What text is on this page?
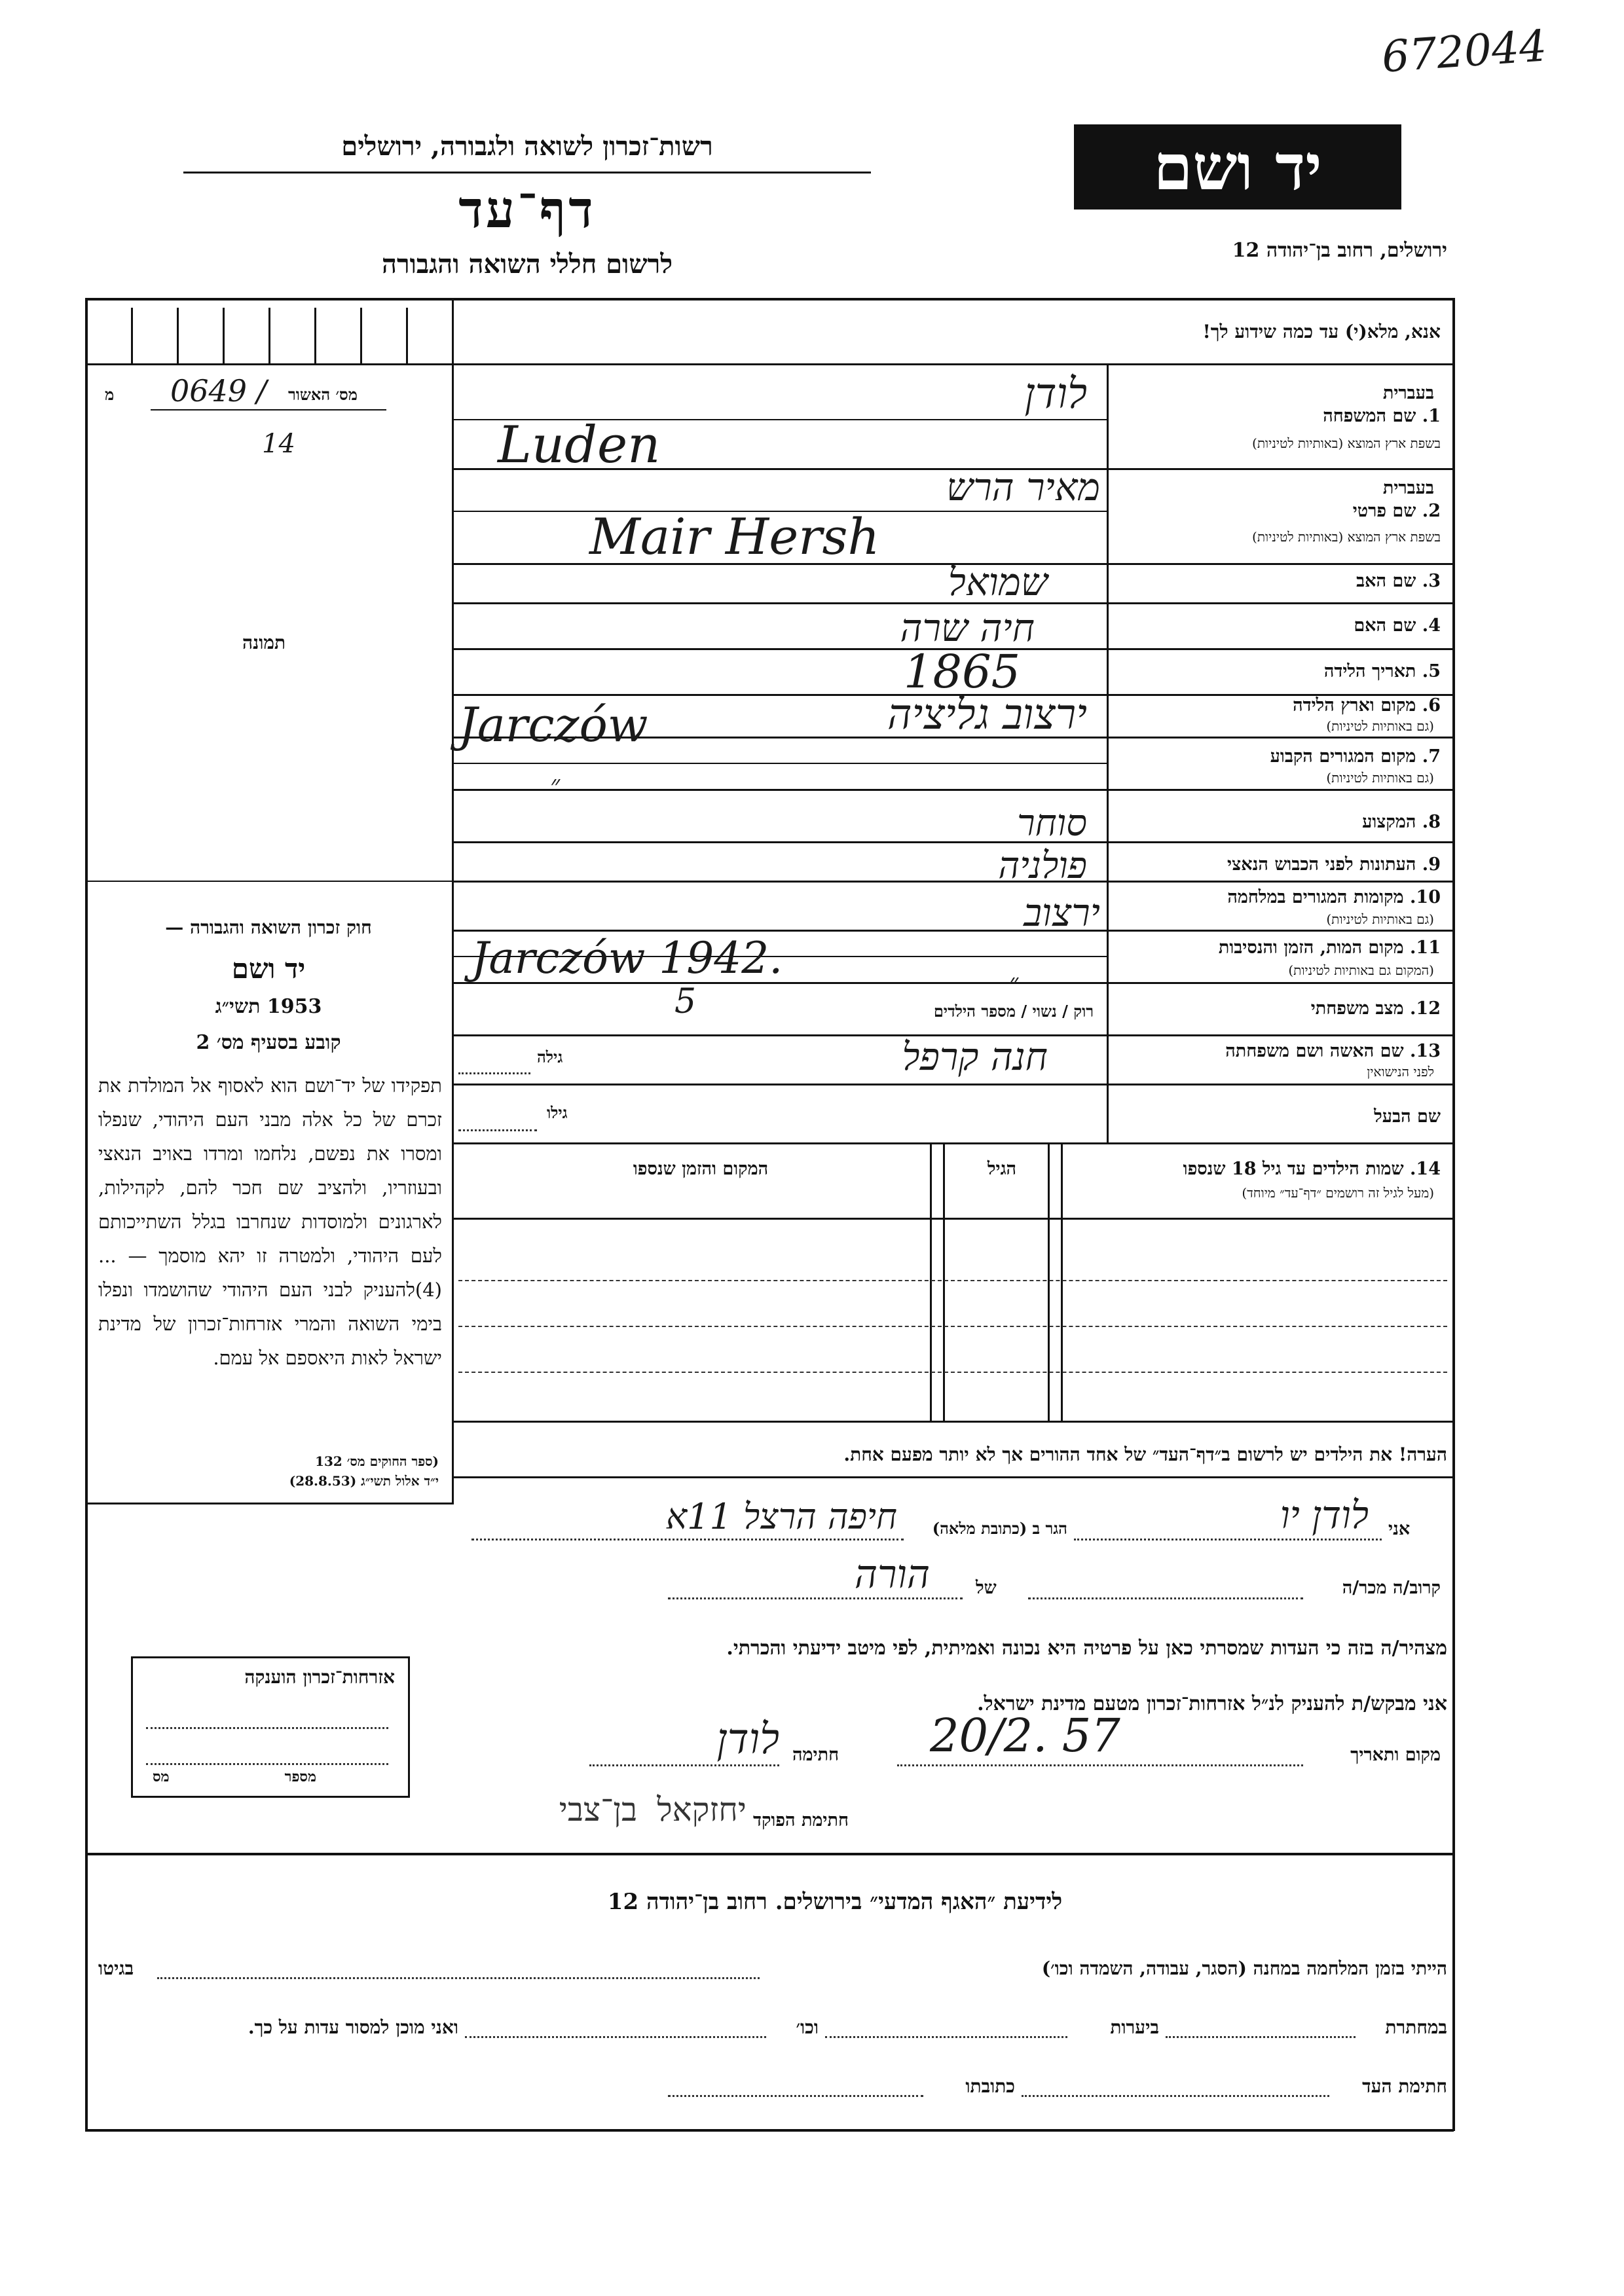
672044
רשות־זכרון לשואה ולגבורה, ירושלים
דף־עד
לרשום חללי השואה והגבורה
יד ושם
ירושלים, רחוב בן־יהודה 12
מס׳ האשור
מ 0649 /
14
תמונה
חוק זכרון השואה והגבורה —
יד ושם
1953 תשי״ג
קובע בסעיף מס׳ 2
תפקידו של יד־ושם הוא לאסוף אל המולדת את זכרם של כל אלה מבני העם היהודי, שנפלו ומסרו את נפשם, נלחמו ומרדו באויב הנאצי ובעוזריו, ולהציב שם חכר להם, לקהילות, לארגונים ולמוסדות שנחרבו בגלל השתייכותם לעם היהודי, ולמטרה זו יהא מוסמך — ...(4)להעניק לבני העם היהודי שהושמדו ונפלו בימי השואה והמרי אזרחות־זכרון של מדינת ישראל לאות היאספם אל עמם.
(ספר החוקים מס׳ 132
י״ד אלול תשי״ג (28.8.53)
אנא, מלא(י) עד כמה שידוע לך!
בעברית
1. שם המשפחה
בשפת ארץ המוצא (באותיות לטיניות)
בעברית
2. שם פרטי
בשפת ארץ המוצא (באותיות לטיניות)
3. שם האב
4. שם האם
5. תאריך הלידה
6. מקום וארץ הלידה
(גם באותיות לטיניות)
7. מקום המגורים הקבוע
(גם באותיות לטיניות)
8. המקצוע
9. העתונות לפני הכבוש הנאצי
10. מקומות המגורים במלחמה
(גם באותיות לטיניות)
11. מקום המות, הזמן והנסיבות
(המקום גם באותיות לטיניות)
12. מצב משפחתי
רוק / נשוי / מספר הילדים
13. שם האשה ושם משפחתה
לפני הנישואין
גילה
שם הבעל
גילו
לודן
Luden
מאיר הרש
Mair Hersh
שמואל
חיה שרה
1865
ירצוב גליציה
Jarczów
״
סוחר
פולניה
ירצוב
Jarczów 1942.	״
5
חנה קרפל
14. שמות הילדים עד גיל 18 שנספו
(מעל לגיל זה רושמים ״דף־עד״ מיוחד)
הגיל
המקום והזמן שנספו
הערה! את הילדים יש לרשום ב״דף־העד״ של אחד ההורים אך לא יותר מפעם אחת.
אני
לודן יו
הגר ב (כתובת מלאה)
חיפה הרצל 11א
קרוב/ה מכר/ה
של
הורה
מצהיר/ה בזה כי העדות שמסרתי כאן על פרטיה היא נכונה ואמיתית, לפי מיטב ידיעתי והכרתי.
אני מבקש/ת להעניק לנ״ל אזרחות־זכרון מטעם מדינת ישראל.
מקום ותאריך
20/2. 57
חתימה
לודן
חתימת הפוקד
יחזקאל בן־צבי
אזרחות־זכרון הוענקה
מספר
מס
לידיעת ״האגף המדעי״ בירושלים. רחוב בן־יהודה 12
הייתי בזמן המלחמה במחנה (הסגר, עבודה, השמדה וכו׳)
בגיטו
במחתרת
ביערות
וכו׳
ואני מוכן למסור עדות על כך.
חתימת העד
כתובתו
